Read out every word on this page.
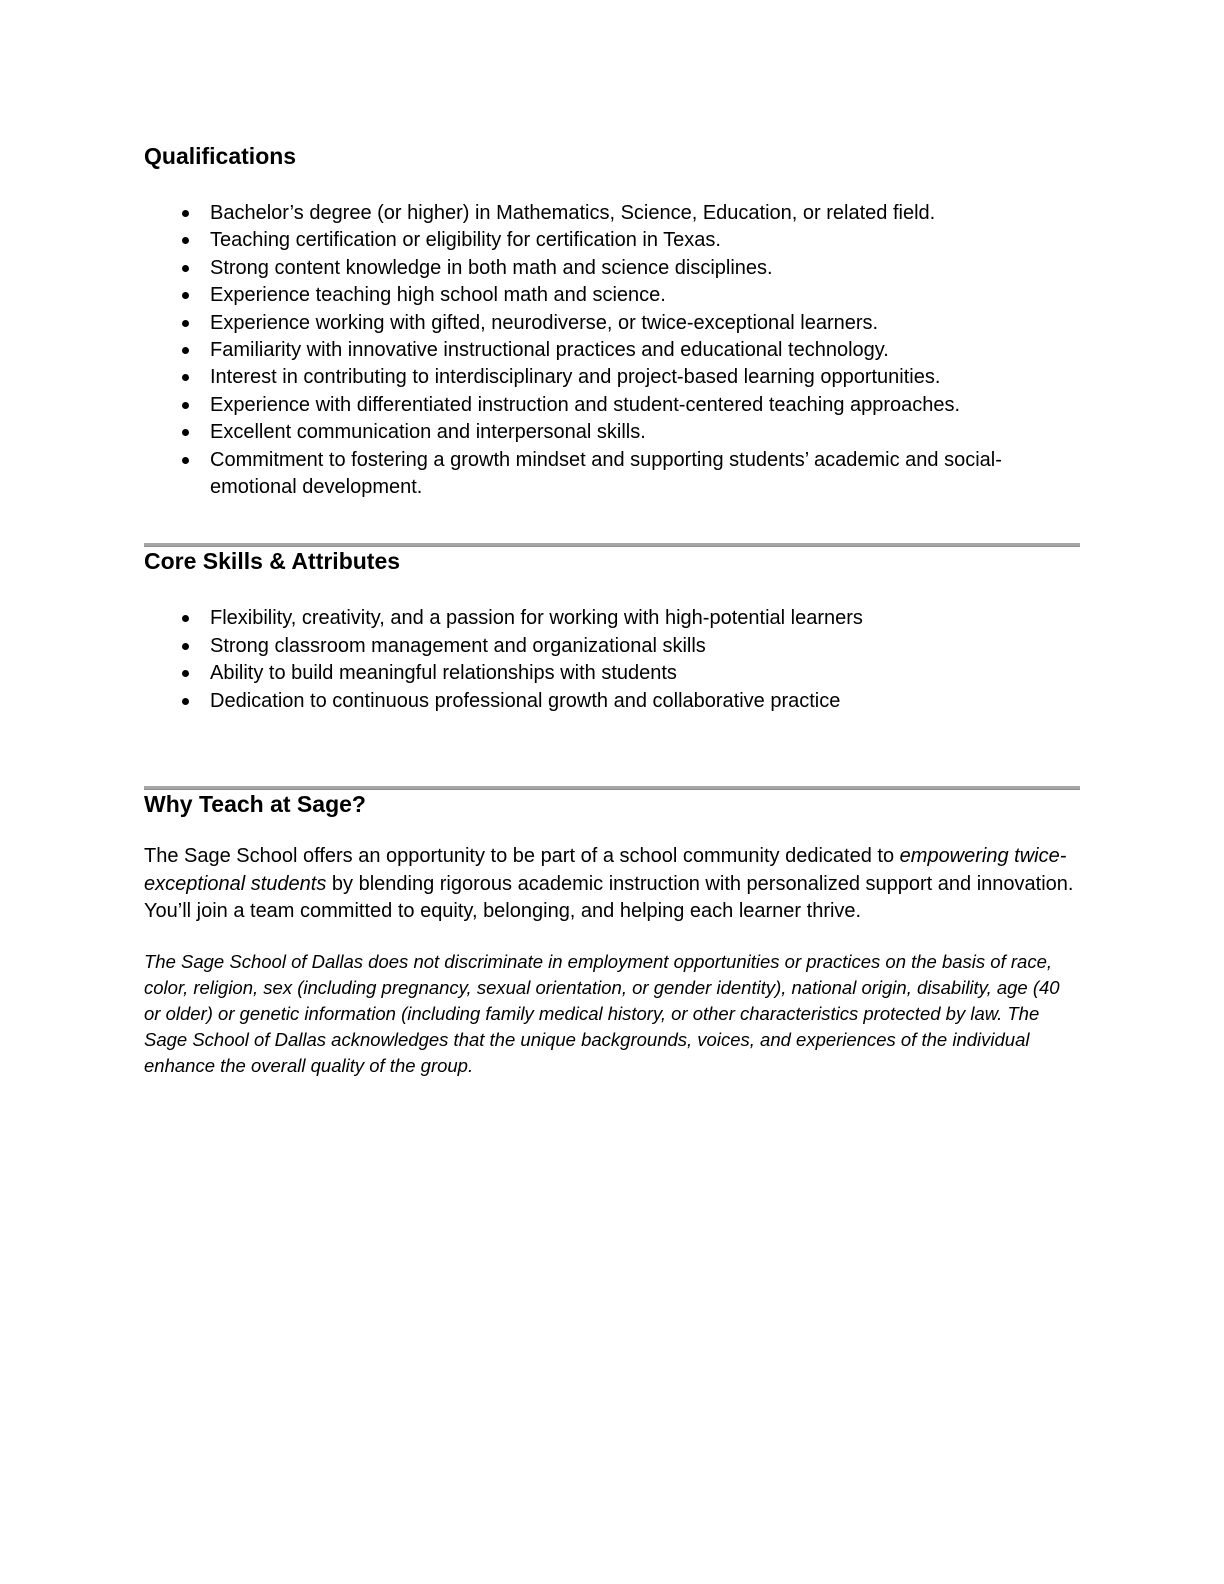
Qualifications
Bachelor’s degree (or higher) in Mathematics, Science, Education, or related field.
Teaching certification or eligibility for certification in Texas.
Strong content knowledge in both math and science disciplines.
Experience teaching high school math and science.
Experience working with gifted, neurodiverse, or twice-exceptional learners.
Familiarity with innovative instructional practices and educational technology.
Interest in contributing to interdisciplinary and project-based learning opportunities.
Experience with differentiated instruction and student-centered teaching approaches.
Excellent communication and interpersonal skills.
Commitment to fostering a growth mindset and supporting students’ academic and social-emotional development.
Core Skills & Attributes
Flexibility, creativity, and a passion for working with high-potential learners
Strong classroom management and organizational skills
Ability to build meaningful relationships with students
Dedication to continuous professional growth and collaborative practice
Why Teach at Sage?

The Sage School offers an opportunity to be part of a school community dedicated to empowering twice-exceptional students by blending rigorous academic instruction with personalized support and innovation. You’ll join a team committed to equity, belonging, and helping each learner thrive.

The Sage School of Dallas does not discriminate in employment opportunities or practices on the basis of race, color, religion, sex (including pregnancy, sexual orientation, or gender identity), national origin, disability, age (40 or older) or genetic information (including family medical history, or other characteristics protected by law. The Sage School of Dallas acknowledges that the unique backgrounds, voices, and experiences of the individual enhance the overall quality of the group.
